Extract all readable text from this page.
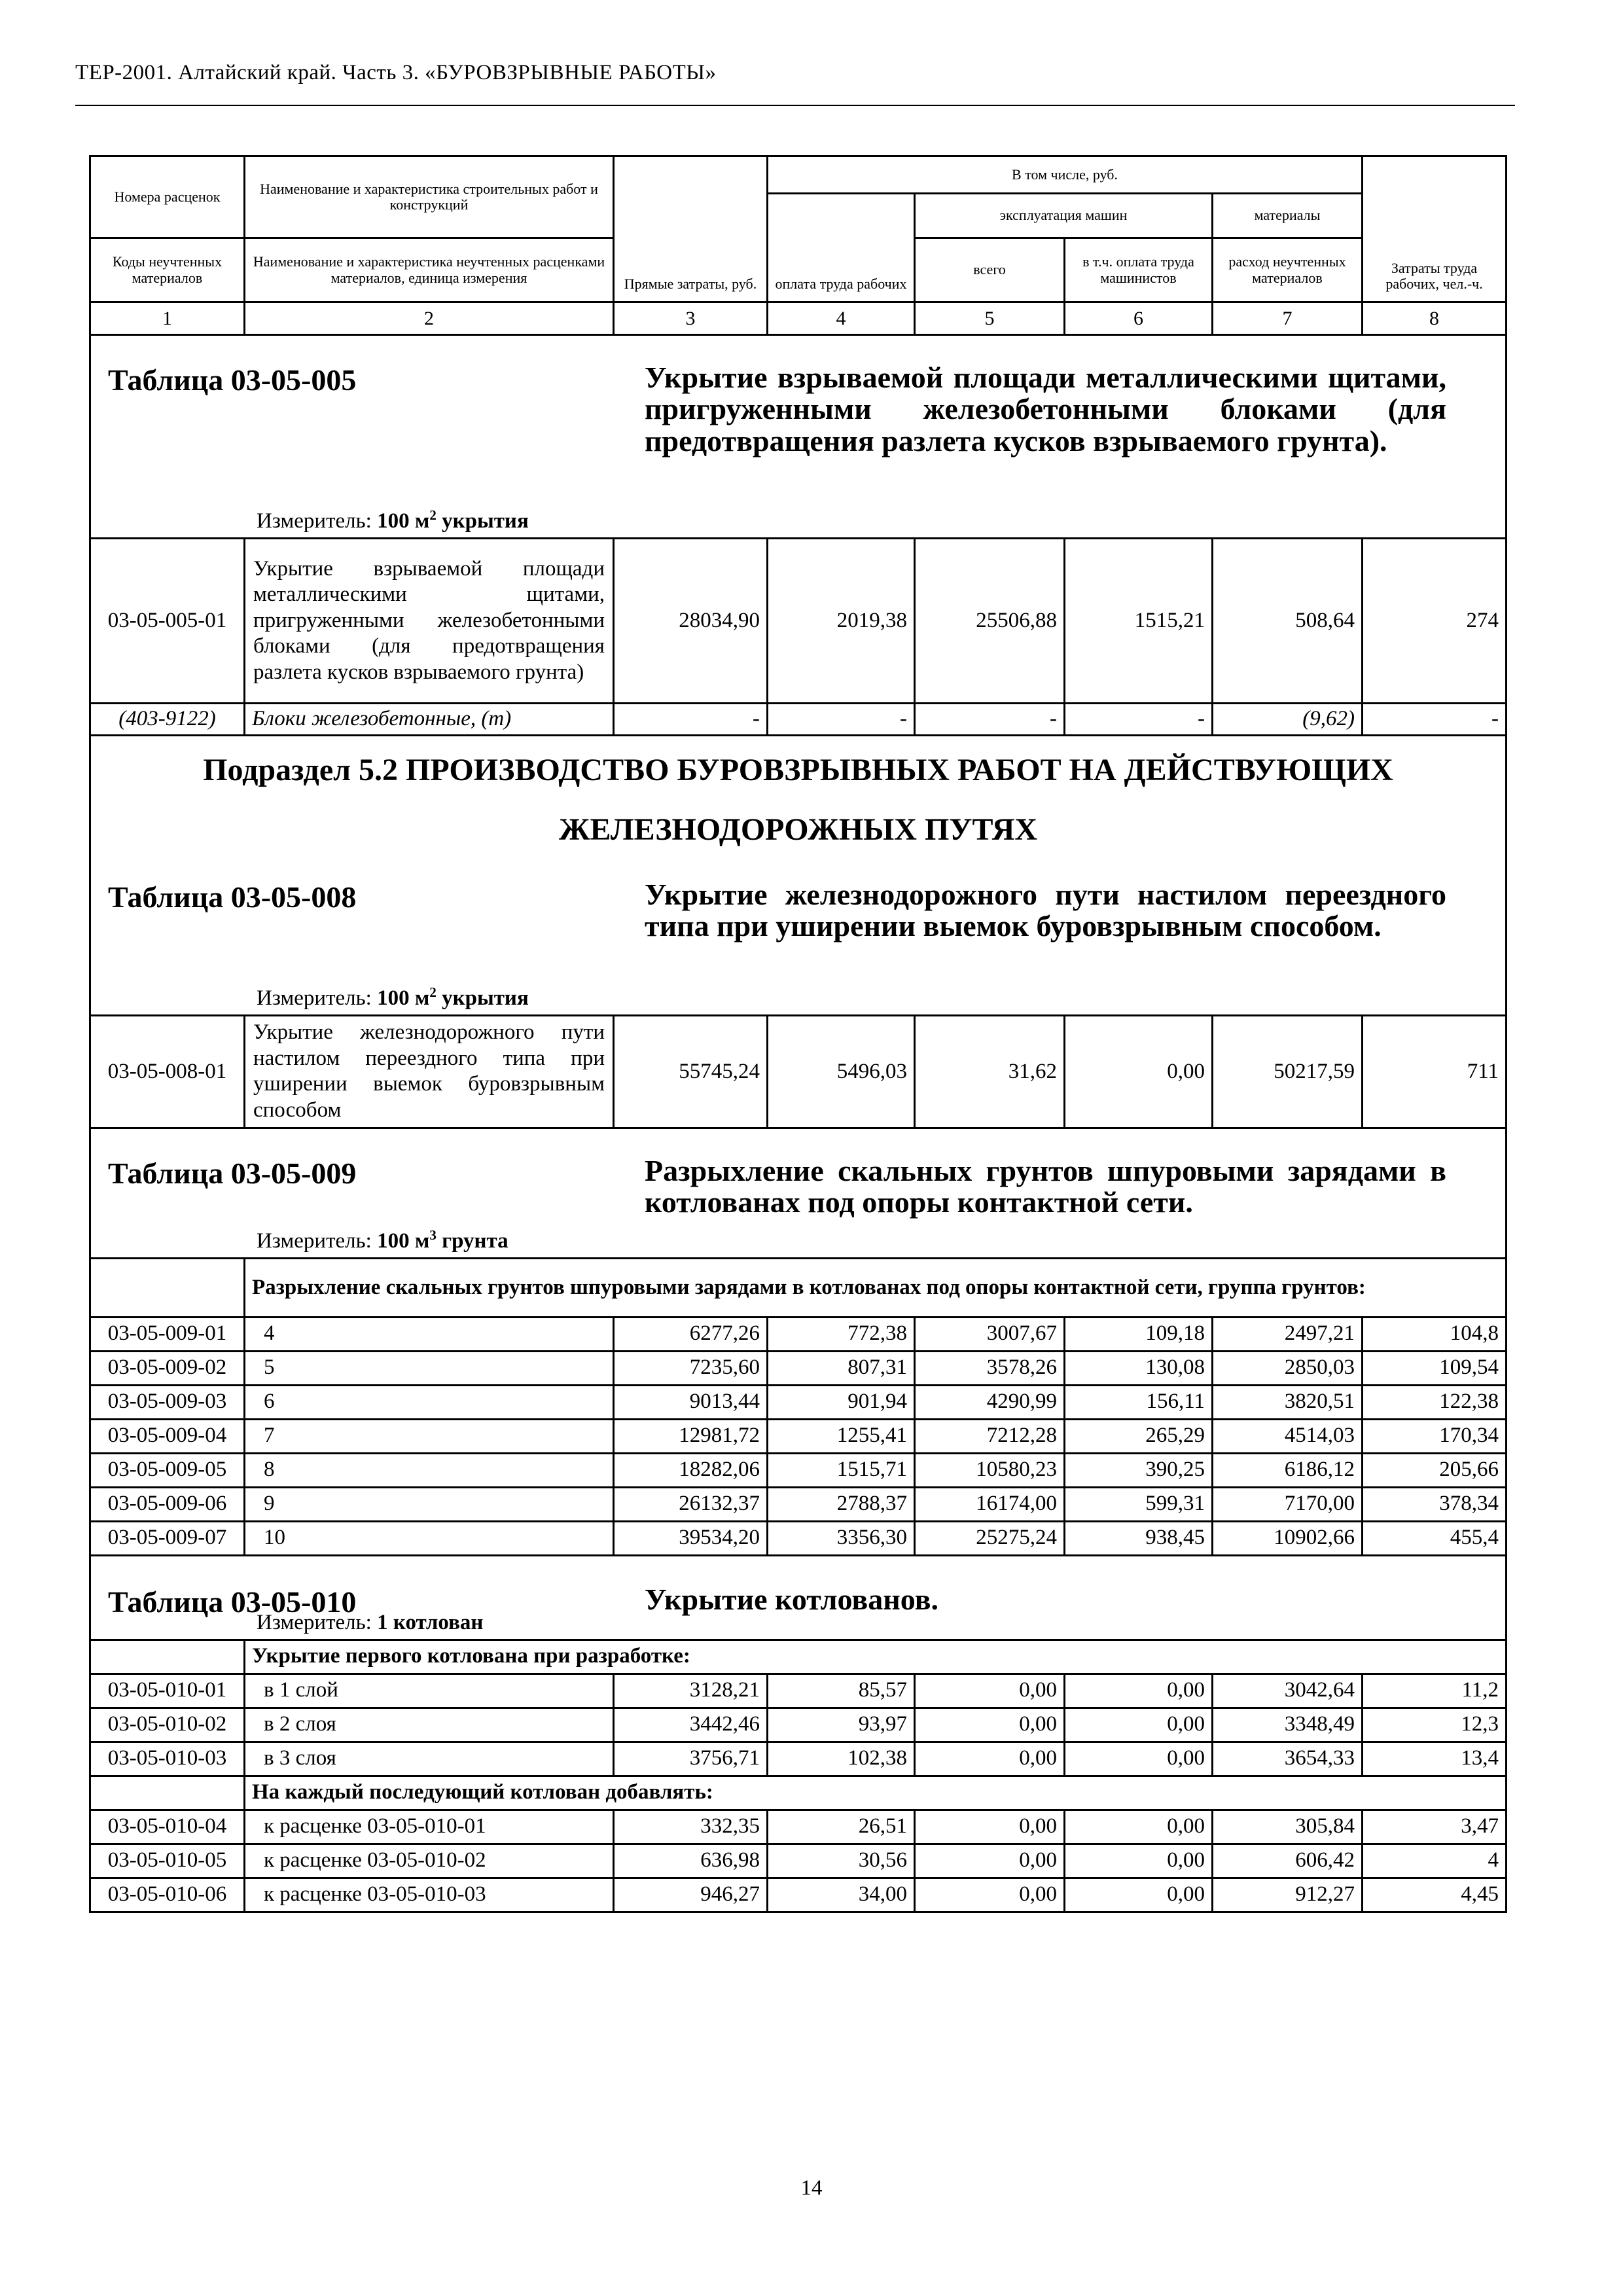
ТЕР-2001. Алтайский край. Часть 3. «БУРОВЗРЫВНЫЕ РАБОТЫ»
Номера расценок	Наименование и характеристика строительных работ и конструкций	Прямые затраты, руб.	В том числе, руб.				Затраты труда рабочих, чел.-ч.
			оплата труда рабочих	эксплуатация машин		материалы	
Коды неучтенных материалов	Наименование и характеристика неучтенных расценками материалов, единица измерения			всего	в т.ч. оплата труда машинистов	расход неучтенных материалов	
1	2	3	4	5	6	7	8

Таблица 03-05-005 Укрытие взрываемой площади металлическими щитами, пригруженными железобетонными блоками (для предотвращения разлета кусков взрываемого грунта).							

Измеритель: 100 $м^2$ укрытия							
03-05-005-01	Укрытие взрываемой площади металлическими щитами, пригруженными железобетонными блоками (для предотвращения разлета кусков взрываемого грунта)	28034,90	2019,38	25506,88	1515,21	508,64	274
(403-9122)	Блоки железобетонные, (т)	-	-	-	-	(9,62)	-

Подраздел 5.2 ПРОИЗВОДСТВО БУРОВЗРЫВНЫХ РАБОТ НА ДЕЙСТВУЮЩИХ
ЖЕЛЕЗНОДОРОЖНЫХ ПУТЯХ
Таблица 03-05-008 Укрытие железнодорожного пути настилом переездного типа при уширении выемок буровзрывным способом.							

Измеритель: 100 $м^2$ укрытия							
03-05-008-01	Укрытие железнодорожного пути настилом переездного типа при уширении выемок буровзрывным способом	55745,24	5496,03	31,62	0,00	50217,59	711

Таблица 03-05-009 Разрыхление скальных грунтов шпуровыми зарядами в котлованах под опоры контактной сети.							

Измеритель: 100 $м^3$ грунта							
	Разрыхление скальных грунтов шпуровыми зарядами в котлованах под опоры контактной сети, группа грунтов:						
03-05-009-01	4	6277,26	772,38	3007,67	109,18	2497,21	104,8
03-05-009-02	5	7235,60	807,31	3578,26	130,08	2850,03	109,54
03-05-009-03	6	9013,44	901,94	4290,99	156,11	3820,51	122,38
03-05-009-04	7	12981,72	1255,41	7212,28	265,29	4514,03	170,34
03-05-009-05	8	18282,06	1515,71	10580,23	390,25	6186,12	205,66
03-05-009-06	9	26132,37	2788,37	16174,00	599,31	7170,00	378,34
03-05-009-07	10	39534,20	3356,30	25275,24	938,45	10902,66	455,4

Таблица 03-05-010 Укрытие котлованов.							

Измеритель: 1 котлован							
	Укрытие первого котлована при разработке:						
03-05-010-01	в 1 слой	3128,21	85,57	0,00	0,00	3042,64	11,2
03-05-010-02	в 2 слоя	3442,46	93,97	0,00	0,00	3348,49	12,3
03-05-010-03	в 3 слоя	3756,71	102,38	0,00	0,00	3654,33	13,4
	На каждый последующий котлован добавлять:						
03-05-010-04	к расценке 03-05-010-01	332,35	26,51	0,00	0,00	305,84	3,47
03-05-010-05	к расценке 03-05-010-02	636,98	30,56	0,00	0,00	606,42	4
03-05-010-06	к расценке 03-05-010-03	946,27	34,00	0,00	0,00	912,27	4,45
14
